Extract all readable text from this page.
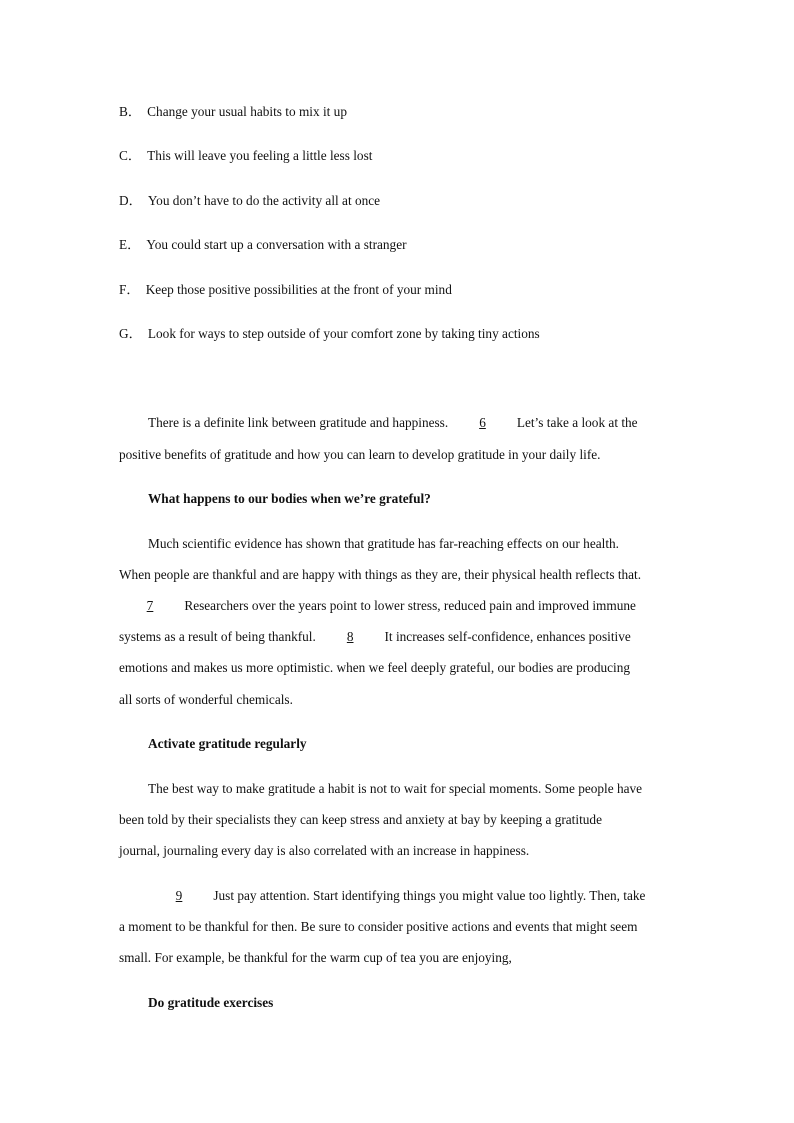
B． Change your usual habits to mix it up
C． This will leave you feeling a little less lost
D． You don’t have to do the activity all at once
E． You could start up a conversation with a stranger
F． Keep those positive possibilities at the front of your mind
G． Look for ways to step outside of your comfort zone by taking tiny actions
There is a definite link between gratitude and happiness. 6 Let’s take a look at the
positive benefits of gratitude and how you can learn to develop gratitude in your daily life.
What happens to our bodies when we’re grateful?
Much scientific evidence has shown that gratitude has far-reaching effects on our health.
When people are thankful and are happy with things as they are, their physical health reflects that.
7 Researchers over the years point to lower stress, reduced pain and improved immune
systems as a result of being thankful. 8 It increases self-confidence, enhances positive
emotions and makes us more optimistic. when we feel deeply grateful, our bodies are producing
all sorts of wonderful chemicals.
Activate gratitude regularly
The best way to make gratitude a habit is not to wait for special moments. Some people have
been told by their specialists they can keep stress and anxiety at bay by keeping a gratitude
journal, journaling every day is also correlated with an increase in happiness.
9 Just pay attention. Start identifying things you might value too lightly. Then, take
a moment to be thankful for then. Be sure to consider positive actions and events that might seem
small. For example, be thankful for the warm cup of tea you are enjoying,
Do gratitude exercises
